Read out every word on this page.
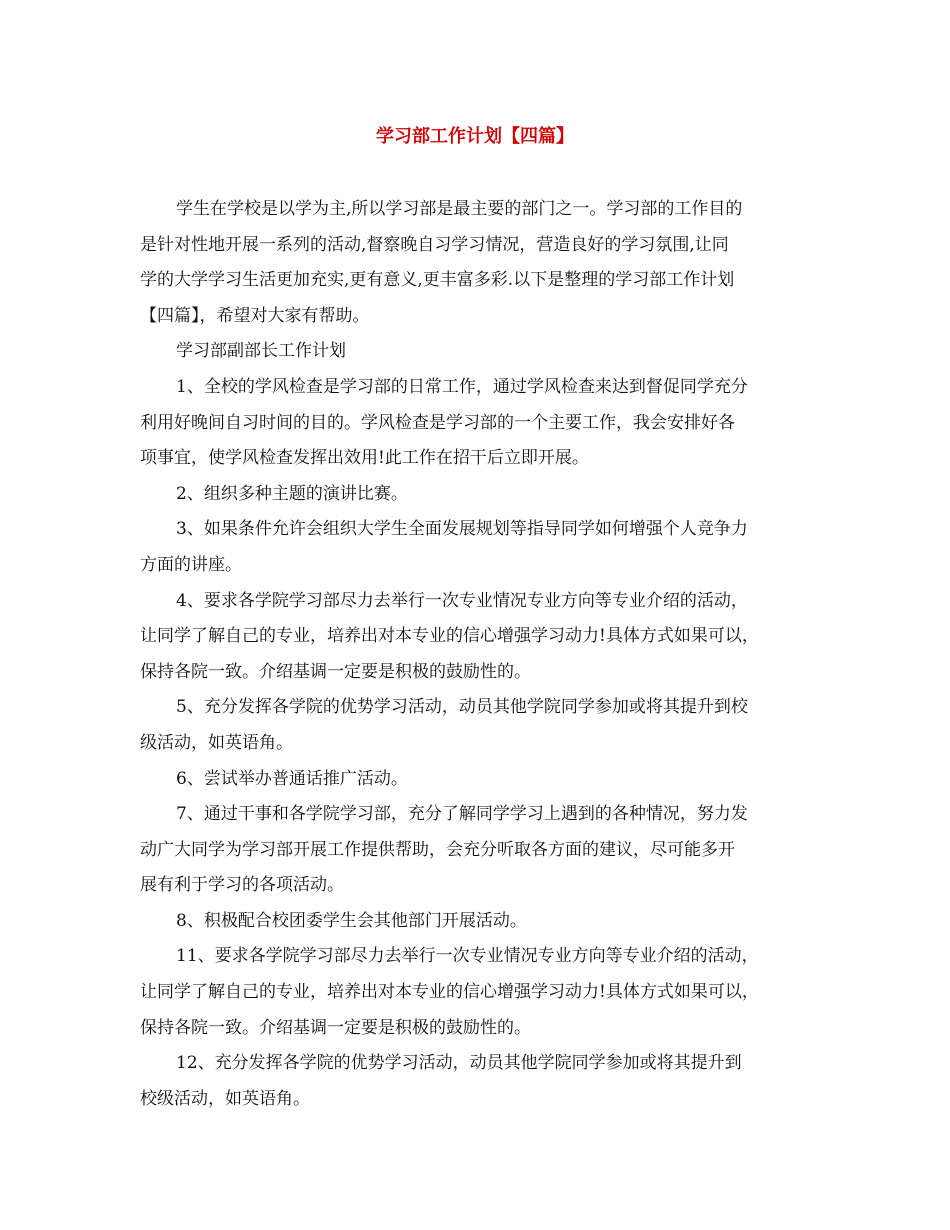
学习部工作计划【四篇】
学生在学校是以学为主,所以学习部是最主要的部门之一。学习部的工作目的
是针对性地开展一系列的活动,督察晚自习学习情况，营造良好的学习氛围,让同
学的大学学习生活更加充实,更有意义,更丰富多彩.以下是整理的学习部工作计划
【四篇】，希望对大家有帮助。
学习部副部长工作计划
1、全校的学风检查是学习部的日常工作，通过学风检查来达到督促同学充分
利用好晚间自习时间的目的。学风检查是学习部的一个主要工作，我会安排好各
项事宜，使学风检查发挥出效用!此工作在招干后立即开展。
2、组织多种主题的演讲比赛。
3、如果条件允许会组织大学生全面发展规划等指导同学如何增强个人竞争力
方面的讲座。
4、要求各学院学习部尽力去举行一次专业情况专业方向等专业介绍的活动，
让同学了解自己的专业，培养出对本专业的信心增强学习动力!具体方式如果可以，
保持各院一致。介绍基调一定要是积极的鼓励性的。
5、充分发挥各学院的优势学习活动，动员其他学院同学参加或将其提升到校
级活动，如英语角。
6、尝试举办普通话推广活动。
7、通过干事和各学院学习部，充分了解同学学习上遇到的各种情况，努力发
动广大同学为学习部开展工作提供帮助，会充分听取各方面的建议，尽可能多开
展有利于学习的各项活动。
8、积极配合校团委学生会其他部门开展活动。
11、要求各学院学习部尽力去举行一次专业情况专业方向等专业介绍的活动，
让同学了解自己的专业，培养出对本专业的信心增强学习动力!具体方式如果可以，
保持各院一致。介绍基调一定要是积极的鼓励性的。
12、充分发挥各学院的优势学习活动，动员其他学院同学参加或将其提升到
校级活动，如英语角。
